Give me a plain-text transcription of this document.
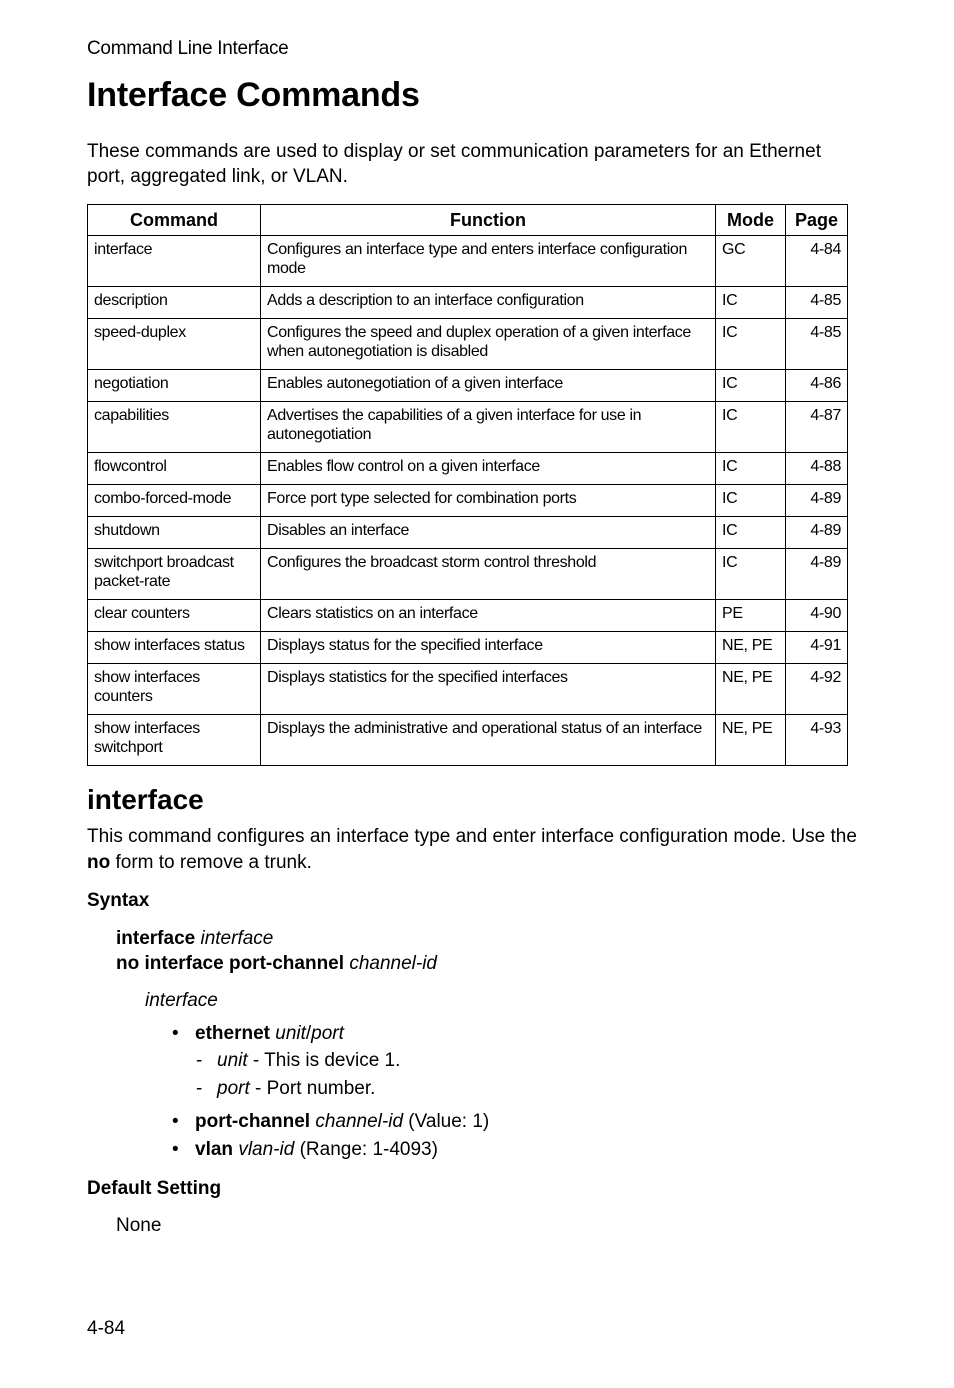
Command Line Interface
Interface Commands
These commands are used to display or set communication parameters for an Ethernet port, aggregated link, or VLAN.
Command	Function	Mode	Page
interface	Configures an interface type and enters interface configuration mode	GC	4-84
description	Adds a description to an interface configuration	IC	4-85
speed-duplex	Configures the speed and duplex operation of a given interface when autonegotiation is disabled	IC	4-85
negotiation	Enables autonegotiation of a given interface	IC	4-86
capabilities	Advertises the capabilities of a given interface for use in autonegotiation	IC	4-87
flowcontrol	Enables flow control on a given interface	IC	4-88
combo-forced-mode	Force port type selected for combination ports	IC	4-89
shutdown	Disables an interface	IC	4-89
switchport broadcast packet-rate	Configures the broadcast storm control threshold	IC	4-89
clear counters	Clears statistics on an interface	PE	4-90
show interfaces status	Displays status for the specified interface	NE, PE	4-91
show interfaces counters	Displays statistics for the specified interfaces	NE, PE	4-92
show interfaces switchport	Displays the administrative and operational status of an interface	NE, PE	4-93
interface
This command configures an interface type and enter interface configuration mode. Use the no form to remove a trunk.
Syntax
interface interface
no interface port-channel channel-id
interface
• ethernet unit/port
- unit - This is device 1.
- port - Port number.
• port-channel channel-id (Value: 1)
• vlan vlan-id (Range: 1-4093)
Default Setting
None
4-84
